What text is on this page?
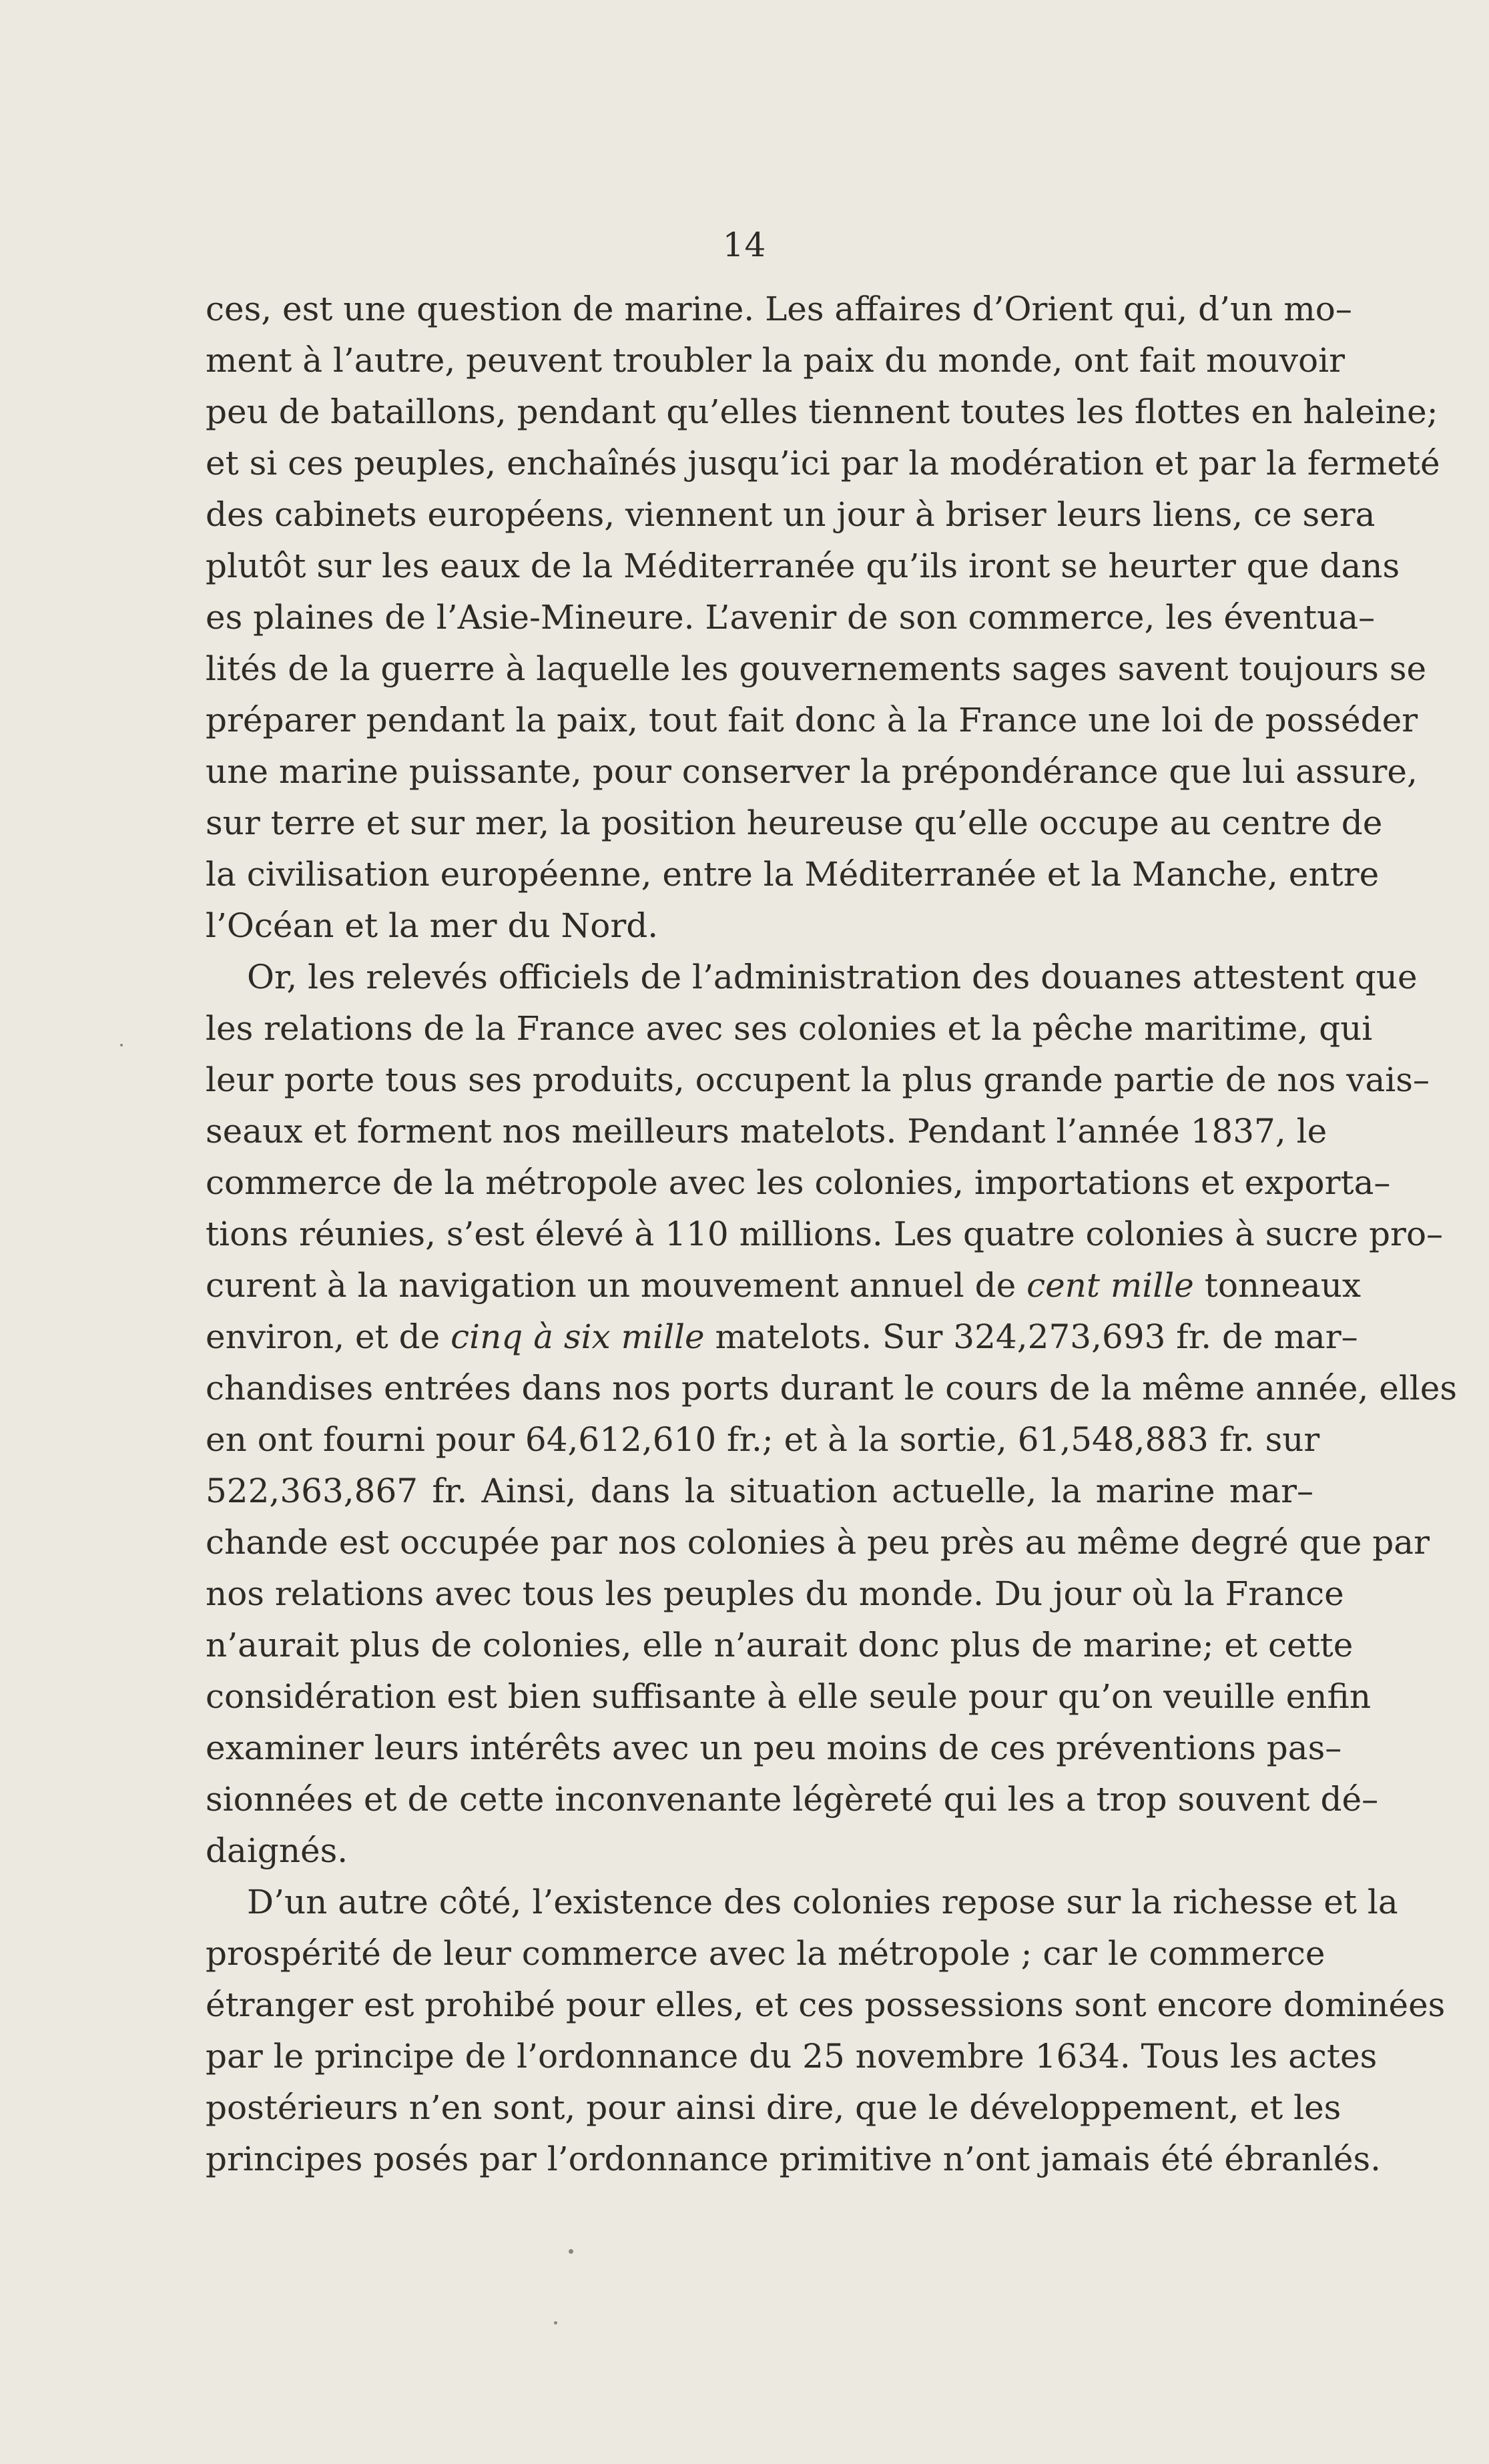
14
ces, est une question de marine. Les affaires d’Orient qui, d’un mo–
ment à l’autre, peuvent troubler la paix du monde, ont fait mouvoir
peu de bataillons, pendant qu’elles tiennent toutes les flottes en haleine;
et si ces peuples, enchaînés jusqu’ici par la modération et par la fermeté
des cabinets européens, viennent un jour à briser leurs liens, ce sera
plutôt sur les eaux de la Méditerranée qu’ils iront se heurter que dans
es plaines de l’Asie-Mineure. L’avenir de son commerce, les éventua–
lités de la guerre à laquelle les gouvernements sages savent toujours se
préparer pendant la paix, tout fait donc à la France une loi de posséder
une marine puissante, pour conserver la prépondérance que lui assure,
sur terre et sur mer, la position heureuse qu’elle occupe au centre de
la civilisation européenne, entre la Méditerranée et la Manche, entre
l’Océan et la mer du Nord.
Or, les relevés officiels de l’administration des douanes attestent que
les relations de la France avec ses colonies et la pêche maritime, qui
leur porte tous ses produits, occupent la plus grande partie de nos vais–
seaux et forment nos meilleurs matelots. Pendant l’année 1837, le
commerce de la métropole avec les colonies, importations et exporta–
tions réunies, s’est élevé à 110 millions. Les quatre colonies à sucre pro–
curent à la navigation un mouvement annuel de cent mille tonneaux
environ, et de cinq à six mille matelots. Sur 324,273,693 fr. de mar–
chandises entrées dans nos ports durant le cours de la même année, elles
en ont fourni pour 64,612,610 fr.; et à la sortie, 61,548,883 fr. sur
522,363,867 fr. Ainsi, dans la situation actuelle, la marine mar–
chande est occupée par nos colonies à peu près au même degré que par
nos relations avec tous les peuples du monde. Du jour où la France
n’aurait plus de colonies, elle n’aurait donc plus de marine; et cette
considération est bien suffisante à elle seule pour qu’on veuille enfin
examiner leurs intérêts avec un peu moins de ces préventions pas–
sionnées et de cette inconvenante légèreté qui les a trop souvent dé–
daignés.
D’un autre côté, l’existence des colonies repose sur la richesse et la
prospérité de leur commerce avec la métropole ; car le commerce
étranger est prohibé pour elles, et ces possessions sont encore dominées
par le principe de l’ordonnance du 25 novembre 1634. Tous les actes
postérieurs n’en sont, pour ainsi dire, que le développement, et les
principes posés par l’ordonnance primitive n’ont jamais été ébranlés.
